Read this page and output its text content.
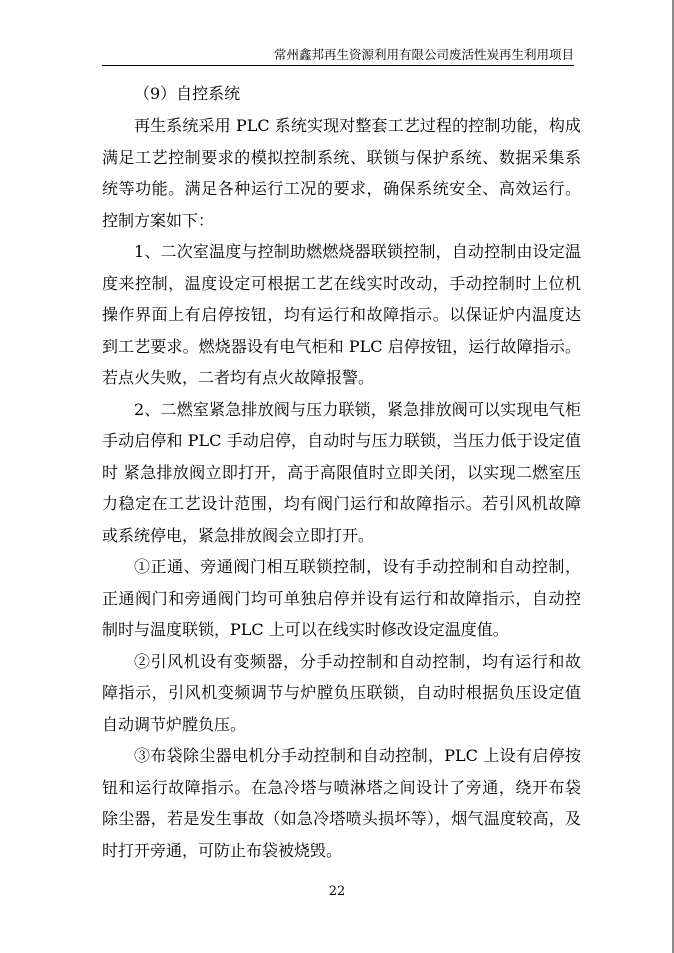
常州鑫邦再生资源利用有限公司废活性炭再生利用项目

（9）自控系统

再生系统采用 PLC 系统实现对整套工艺过程的控制功能，构成满足工艺控制要求的模拟控制系统、联锁与保护系统、数据采集系统等功能。满足各种运行工况的要求，确保系统安全、高效运行。控制方案如下：

1、二次室温度与控制助燃燃烧器联锁控制，自动控制由设定温度来控制，温度设定可根据工艺在线实时改动，手动控制时上位机操作界面上有启停按钮，均有运行和故障指示。以保证炉内温度达到工艺要求。燃烧器设有电气柜和 PLC 启停按钮，运行故障指示。若点火失败，二者均有点火故障报警。

2、二燃室紧急排放阀与压力联锁，紧急排放阀可以实现电气柜手动启停和 PLC 手动启停，自动时与压力联锁，当压力低于设定值时 紧急排放阀立即打开，高于高限值时立即关闭，以实现二燃室压力稳定在工艺设计范围，均有阀门运行和故障指示。若引风机故障或系统停电，紧急排放阀会立即打开。

①正通、旁通阀门相互联锁控制，设有手动控制和自动控制，正通阀门和旁通阀门均可单独启停并设有运行和故障指示，自动控制时与温度联锁，PLC 上可以在线实时修改设定温度值。

②引风机设有变频器，分手动控制和自动控制，均有运行和故障指示，引风机变频调节与炉膛负压联锁，自动时根据负压设定值自动调节炉膛负压。

③布袋除尘器电机分手动控制和自动控制，PLC 上设有启停按钮和运行故障指示。在急冷塔与喷淋塔之间设计了旁通，绕开布袋除尘器，若是发生事故（如急冷塔喷头损坏等），烟气温度较高，及时打开旁通，可防止布袋被烧毁。

22
